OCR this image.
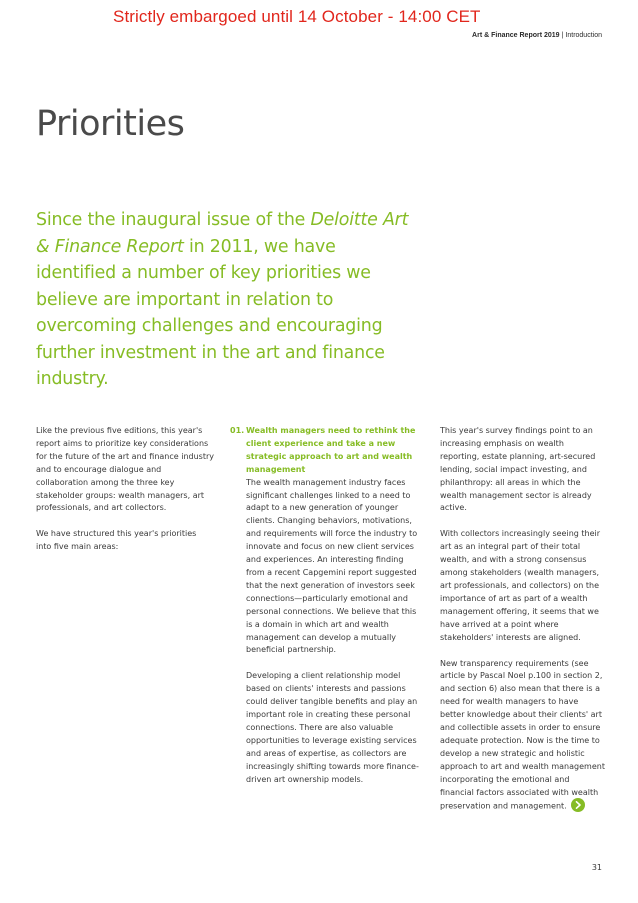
Strictly embargoed until 14 October - 14:00 CET
Art & Finance Report 2019 | Introduction
Priorities

Since the inaugural issue of the Deloitte Art & Finance Report in 2011, we have identified a number of key priorities we believe are important in relation to overcoming challenges and encouraging further investment in the art and finance industry.

Like the previous five editions, this year's report aims to prioritize key considerations for the future of the art and finance industry and to encourage dialogue and collaboration among the three key stakeholder groups: wealth managers, art professionals, and art collectors.

We have structured this year's priorities into five main areas:

01. Wealth managers need to rethink the client experience and take a new strategic approach to art and wealth management

The wealth management industry faces significant challenges linked to a need to adapt to a new generation of younger clients. Changing behaviors, motivations, and requirements will force the industry to innovate and focus on new client services and experiences. An interesting finding from a recent Capgemini report suggested that the next generation of investors seek connections—particularly emotional and personal connections. We believe that this is a domain in which art and wealth management can develop a mutually beneficial partnership.

Developing a client relationship model based on clients' interests and passions could deliver tangible benefits and play an important role in creating these personal connections. There are also valuable opportunities to leverage existing services and areas of expertise, as collectors are increasingly shifting towards more finance-driven art ownership models.

This year's survey findings point to an increasing emphasis on wealth reporting, estate planning, art-secured lending, social impact investing, and philanthropy: all areas in which the wealth management sector is already active.

With collectors increasingly seeing their art as an integral part of their total wealth, and with a strong consensus among stakeholders (wealth managers, art professionals, and collectors) on the importance of art as part of a wealth management offering, it seems that we have arrived at a point where stakeholders' interests are aligned.

New transparency requirements (see article by Pascal Noel p.100 in section 2, and section 6) also mean that there is a need for wealth managers to have better knowledge about their clients' art and collectible assets in order to ensure adequate protection. Now is the time to develop a new strategic and holistic approach to art and wealth management incorporating the emotional and financial factors associated with wealth preservation and management.

31
